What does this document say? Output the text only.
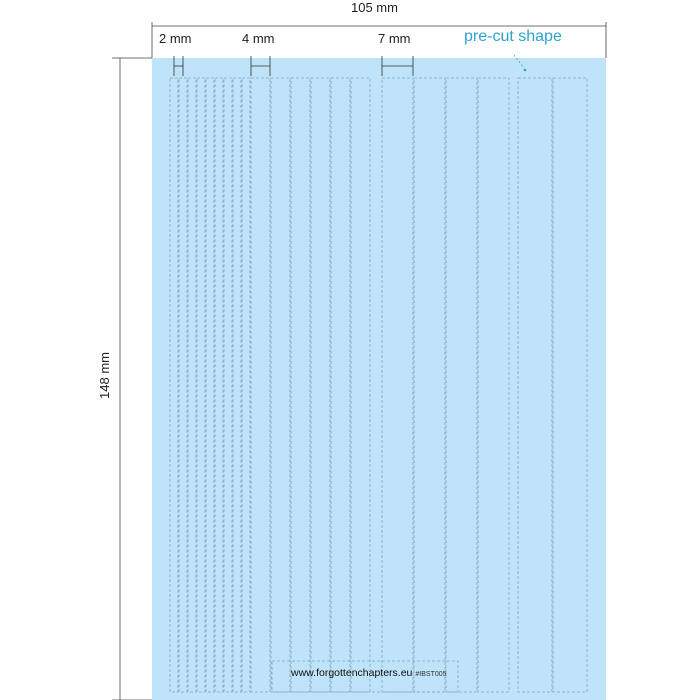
105 mm
148 mm
2 mm	4 mm	7 mm	pre-cut shape
www.forgottenchapters.eu #IBST005
